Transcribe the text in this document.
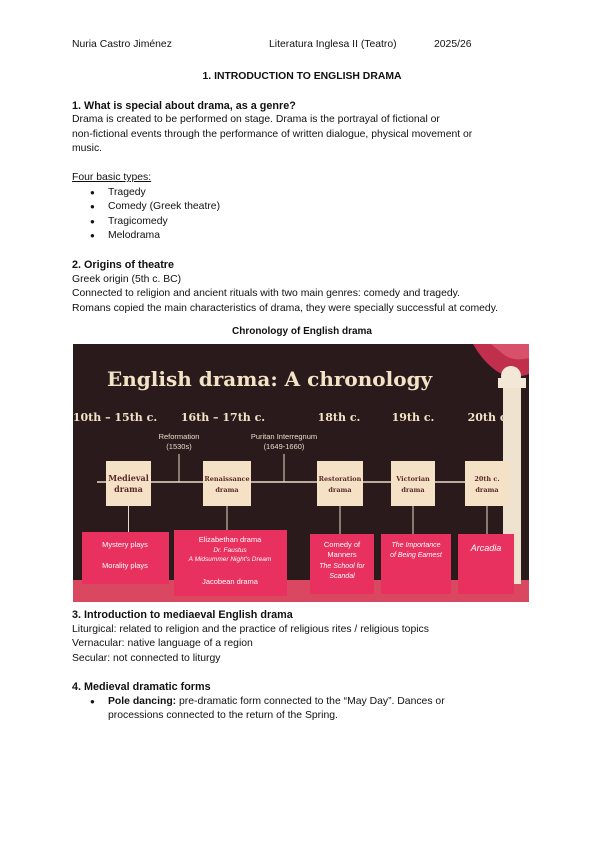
Nuria Castro Jiménez	Literatura Inglesa II (Teatro)	2025/26
1. INTRODUCTION TO ENGLISH DRAMA
1. What is special about drama, as a genre?
Drama is created to be performed on stage. Drama is the portrayal of fictional or
non-fictional events through the performance of written dialogue, physical movement or
music.
Four basic types:
● Tragedy
● Comedy (Greek theatre)
● Tragicomedy
● Melodrama
2. Origins of theatre
Greek origin (5th c. BC)
Connected to religion and ancient rituals with two main genres: comedy and tragedy.
Romans copied the main characteristics of drama, they were specially successful at comedy.
Chronology of English drama
English drama: A chronology
10th – 15th c. 16th – 17th c.	18th c.	19th c.	20th c.
Reformation
(1530s)
Puritan Interregnum
(1649-1660)
Medieval
drama
Renaissance
drama
Restoration
drama
Victorian
drama
20th c.
drama
Mystery plays
Morality plays
Elizabethan drama
Dr. Faustus
A Midsummer Night's Dream
Jacobean drama
Comedy of
Manners
The School for
Scandal
The Importance
of Being Earnest
Arcadia
3. Introduction to mediaeval English drama
Liturgical: related to religion and the practice of religious rites / religious topics
Vernacular: native language of a region
Secular: not connected to liturgy
4. Medieval dramatic forms
● Pole dancing: pre-dramatic form connected to the “May Day”. Dances or
processions connected to the return of the Spring.
